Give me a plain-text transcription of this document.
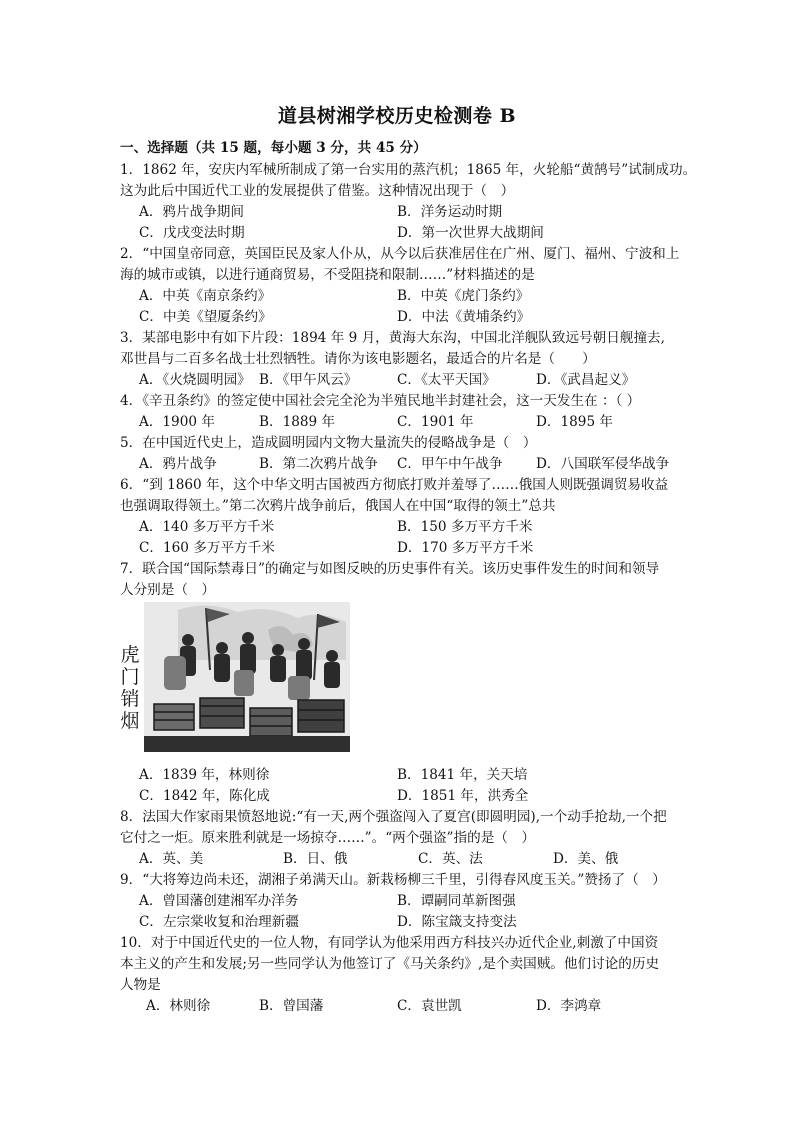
道县树湘学校历史检测卷 B
一、选择题（共 15 题，每小题 3 分，共 45 分）
1．1862 年，安庆内军械所制成了第一台实用的蒸汽机；1865 年，火轮船“黄鹄号”试制成功。
这为此后中国近代工业的发展提供了借鉴。这种情况出现于（　）
A．鸦片战争期间	B．洋务运动时期
C．戊戌变法时期	D．第一次世界大战期间
2．“中国皇帝同意，英国臣民及家人仆从，从今以后获准居住在广州、厦门、福州、宁波和上
海的城市或镇，以进行通商贸易，不受阻挠和限制……”材料描述的是
A．中英《南京条约》	B．中英《虎门条约》
C．中美《望厦条约》	D．中法《黄埔条约》
3．某部电影中有如下片段：1894 年 9 月，黄海大东沟，中国北洋舰队致远号朝日舰撞去,
邓世昌与二百多名战士壮烈牺牲。请你为该电影题名，最适合的片名是（　　）
A．《火烧圆明园》 B．《甲午风云》	C．《太平天国》	D．《武昌起义》
4．《辛丑条约》的签定使中国社会完全沦为半殖民地半封建社会，这一天发生在 ：（ ）
A．1900 年	B．1889 年	C．1901 年	D．1895 年
5．在中国近代史上，造成圆明园内文物大量流失的侵略战争是（　）
A．鸦片战争	B．第二次鸦片战争 C．甲午中午战争 D．八国联军侵华战争
6．“到 1860 年，这个中华文明古国被西方彻底打败并羞辱了……俄国人则既强调贸易收益
也强调取得领土。”第二次鸦片战争前后，俄国人在中国“取得的领土”总共
A．140 多万平方千米	B．150 多万平方千米
C．160 多万平方千米	D．170 多万平方千米
7．联合国“国际禁毒日”的确定与如图反映的历史事件有关。该历史事件发生的时间和领导
人分别是（　）
虎门销烟
A．1839 年，林则徐	B．1841 年，关天培
C．1842 年，陈化成	D．1851 年，洪秀全
8．法国大作家雨果愤怒地说:“有一天,两个强盗闯入了夏宫(即圆明园),一个动手抢劫,一个把
它付之一炬。原来胜利就是一场掠夺……”。“两个强盗”指的是（　）
A．英、美	B．日、俄	C．英、法	D．美、俄
9．“大将筹边尚未还，湖湘子弟满天山。新栽杨柳三千里，引得春风度玉关。”赞扬了（　）
A．曾国藩创建湘军办洋务	B．谭嗣同革新图强
C．左宗棠收复和治理新疆	D．陈宝箴支持变法
10．对于中国近代史的一位人物，有同学认为他采用西方科技兴办近代企业,刺激了中国资
本主义的产生和发展;另一些同学认为他签订了《马关条约》,是个卖国贼。他们讨论的历史
人物是
A．林则徐	B．曾国藩	C．袁世凯	D．李鸿章
